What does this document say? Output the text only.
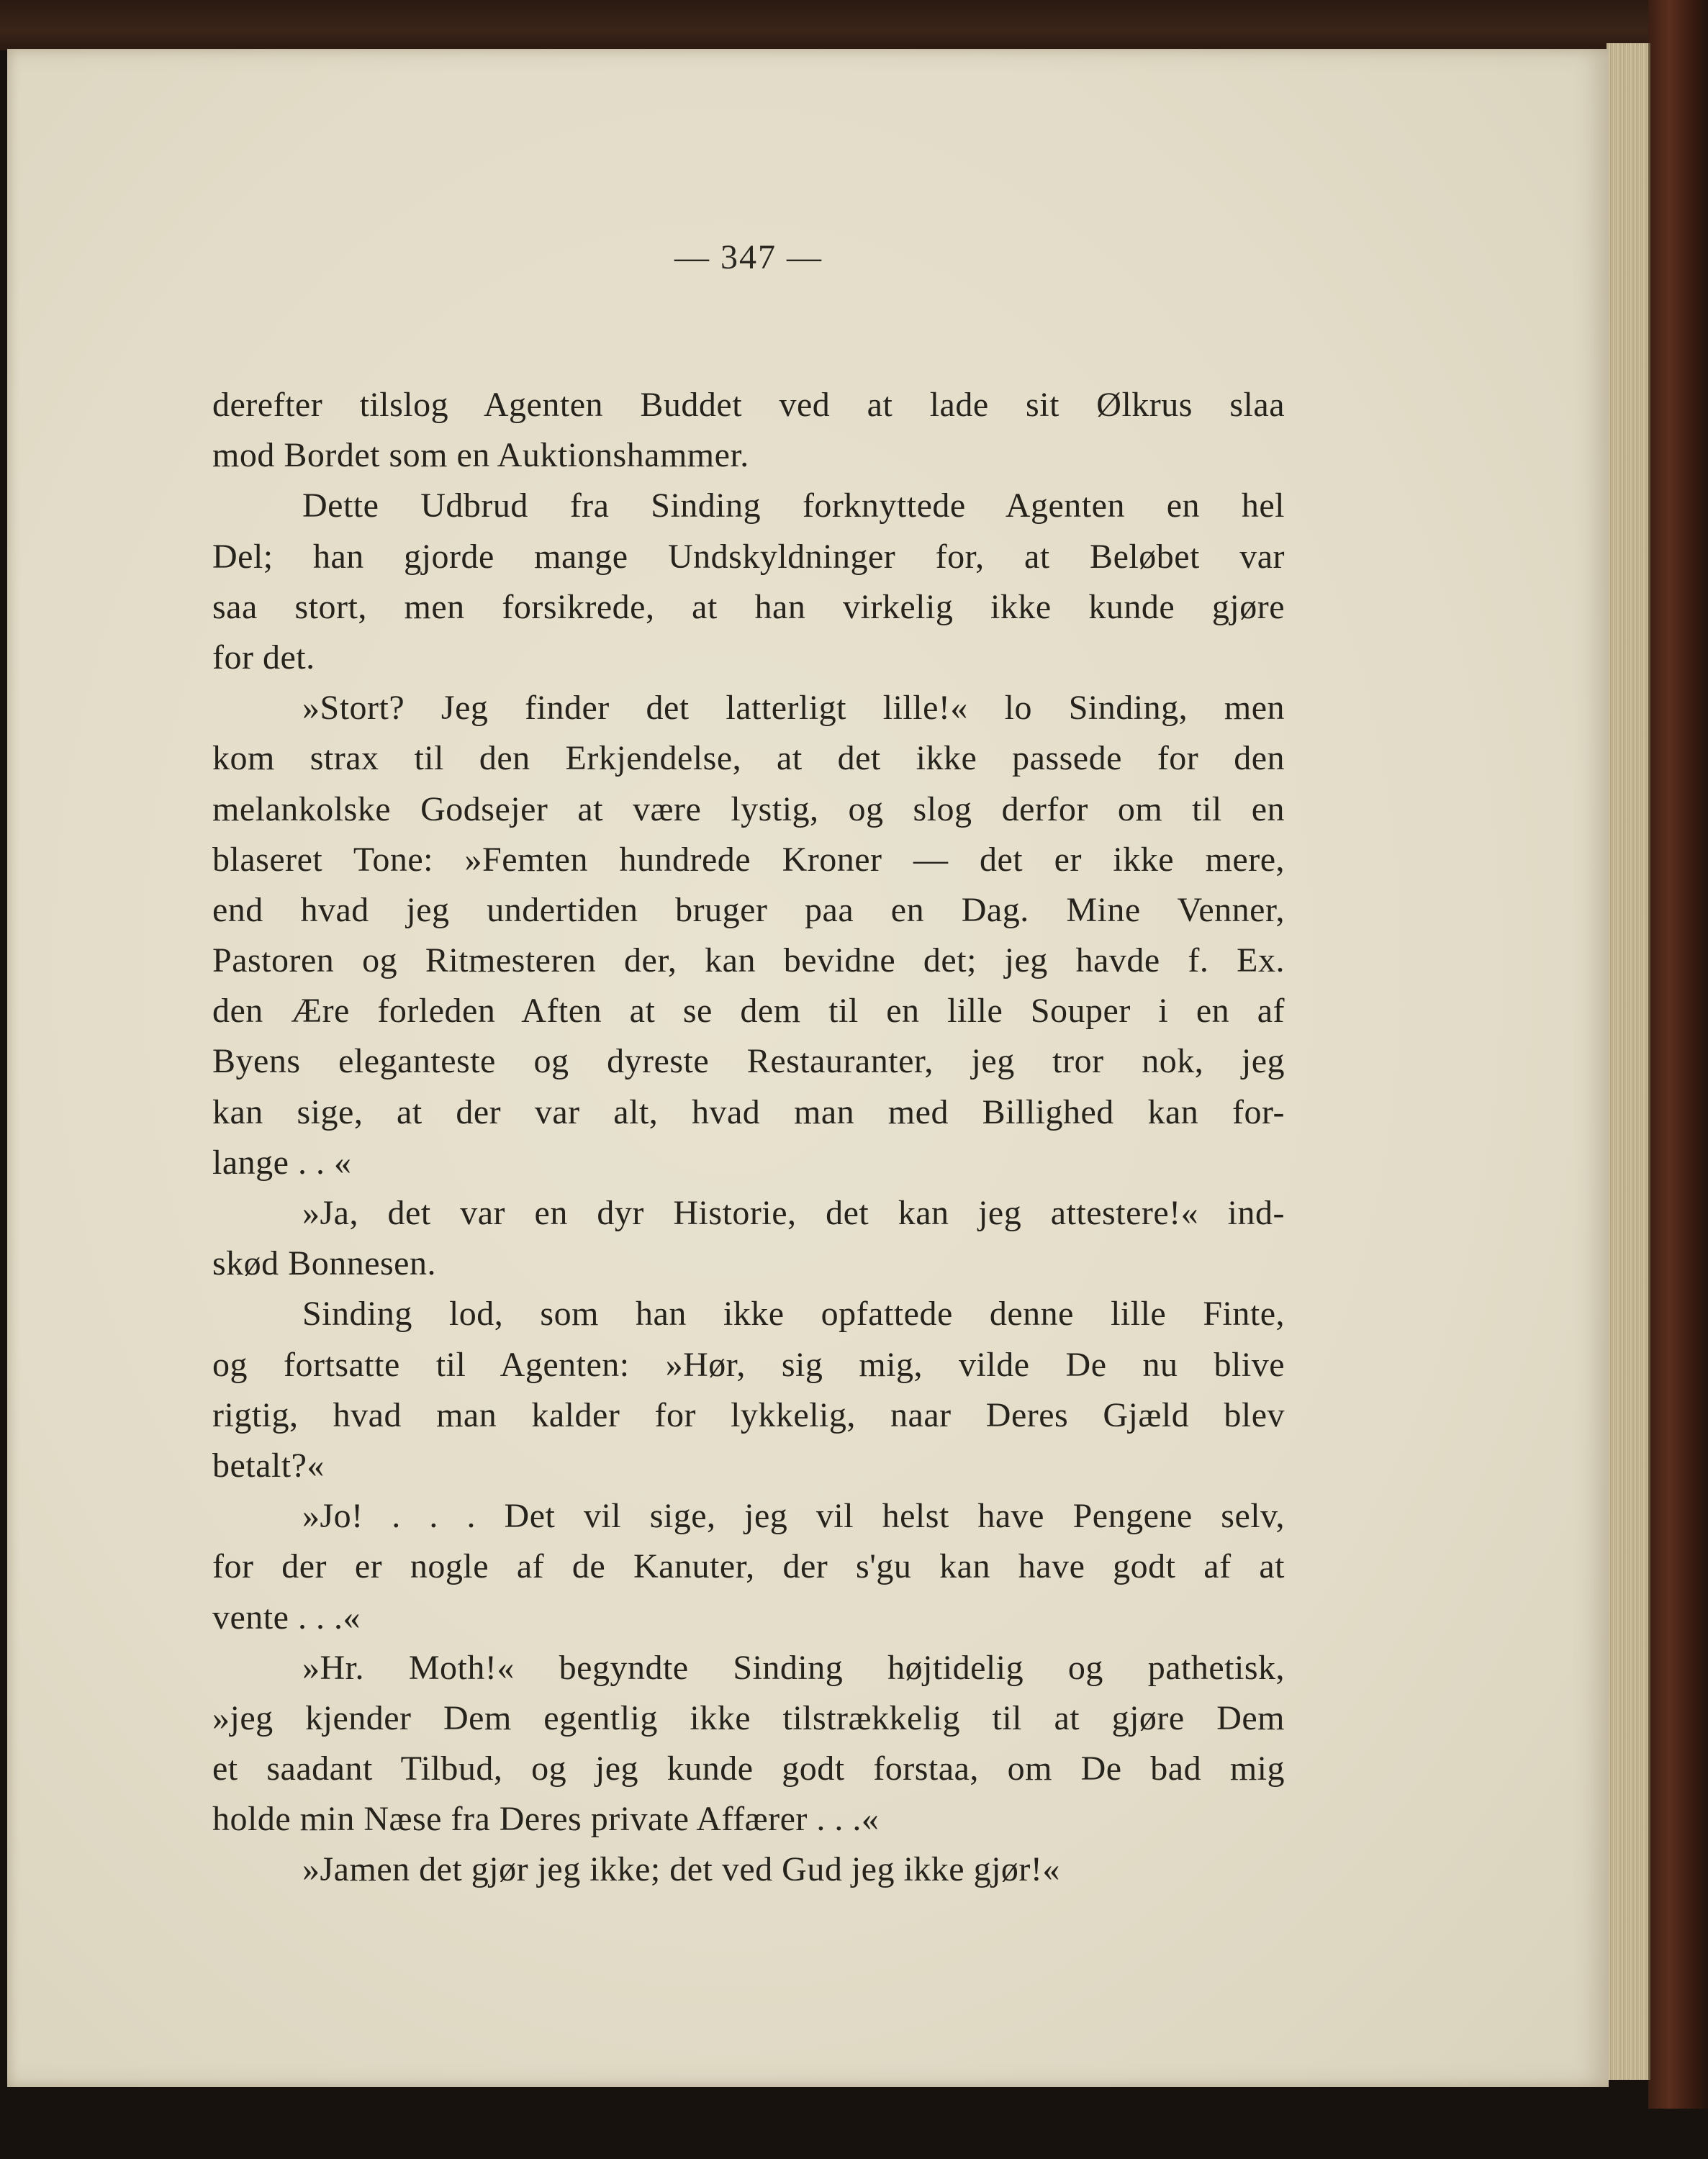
— 347 —
derefter tilslog Agenten Buddet ved at lade sit Ølkrus slaa
mod Bordet som en Auktionshammer.
Dette Udbrud fra Sinding forknyttede Agenten en hel
Del; han gjorde mange Undskyldninger for, at Beløbet var
saa stort, men forsikrede, at han virkelig ikke kunde gjøre
for det.
»Stort? Jeg finder det latterligt lille!« lo Sinding, men
kom strax til den Erkjendelse, at det ikke passede for den
melankolske Godsejer at være lystig, og slog derfor om til en
blaseret Tone: »Femten hundrede Kroner — det er ikke mere,
end hvad jeg undertiden bruger paa en Dag. Mine Venner,
Pastoren og Ritmesteren der, kan bevidne det; jeg havde f. Ex.
den Ære forleden Aften at se dem til en lille Souper i en af
Byens eleganteste og dyreste Restauranter, jeg tror nok, jeg
kan sige, at der var alt, hvad man med Billighed kan for-
lange . . «
»Ja, det var en dyr Historie, det kan jeg attestere!« ind-
skød Bonnesen.
Sinding lod, som han ikke opfattede denne lille Finte,
og fortsatte til Agenten: »Hør, sig mig, vilde De nu blive
rigtig, hvad man kalder for lykkelig, naar Deres Gjæld blev
betalt?«
»Jo! . . . Det vil sige, jeg vil helst have Pengene selv,
for der er nogle af de Kanuter, der s'gu kan have godt af at
vente . . .«
»Hr. Moth!« begyndte Sinding højtidelig og pathetisk,
»jeg kjender Dem egentlig ikke tilstrækkelig til at gjøre Dem
et saadant Tilbud, og jeg kunde godt forstaa, om De bad mig
holde min Næse fra Deres private Affærer . . .«
»Jamen det gjør jeg ikke; det ved Gud jeg ikke gjør!«
